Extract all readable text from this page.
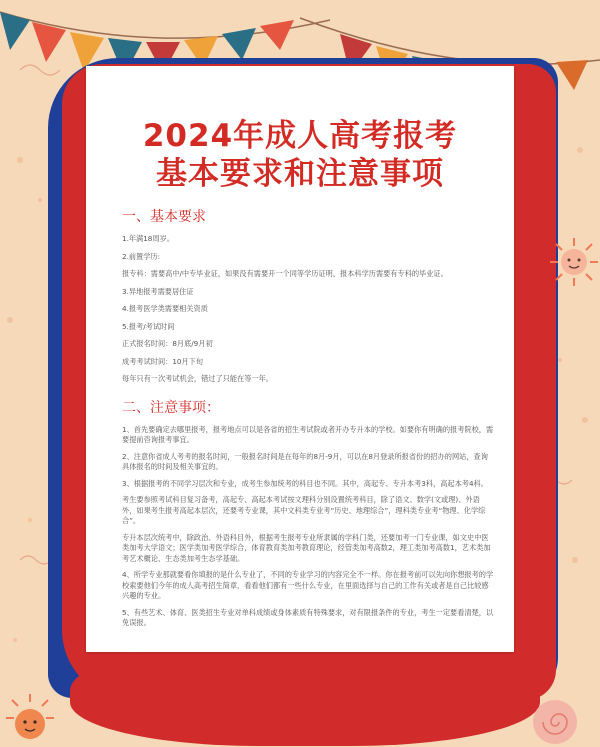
2024年成人高考报考
基本要求和注意事项
一、基本要求
1.年满18周岁。
2.前置学历:
报专科：需要高中/中专毕业证，如果没有需要开一个同等学历证明，报本科学历需要有专科的毕业证。
3.异地报考需要居住证
4.报考医学类需要相关资质
5.报考/考试时间
正式报名时间：8月底/9月初
成考考试时间：10月下旬
每年只有一次考试机会，错过了只能在等一年。
二、注意事项：
1、首先要确定去哪里报考，报考地点可以是各省的招生考试院或者开办专升本的学校。如要你有明确的报考院校，需要提前咨询报考事宜。
2、注意你省成人考考的报名时间，一般报名时间是在每年的8月-9月，可以在8月登录所报省份的招办的网站，查询具体报名的时间及相关事宜的。
3、根据报考的不同学习层次和专业，成考生参加统考的科目也不同。其中，高起专、专升本考3科，高起本考4科。
考生要参照考试科目复习备考，高起专、高起本考试按文理科分别设置统考科目，除了语文、数学(文或理)、外语外，如果考生报考高起本层次，还要考专业课，其中文科类专业考“历史、地理综合”，理科类专业考“物理、化学综合”。
专升本层次统考中，除政治、外语科目外，根据考生报考专业所隶属的学科门类，还要加考一门专业课，如文史中医类加考大学语文；医学类加考医学综合，体育教育类加考教育理论，经管类加考高数2，理工类加考高数1，艺术类加考艺术概论、生态类加考生态学基础。
4、所学专业那就要看你填报的是什么专业了，不同的专业学习的内容完全不一样。你在报考前可以先向你想报考的学校索要他们今年的成人高考招生简章，看看他们都有一些什么专业，在里面选择与自己的工作有关或者是自己比较感兴趣的专业。
5、有些艺术、体育、医类招生专业对单科成绩或身体素质有特殊要求，对有限报条件的专业，考生一定要看清楚，以免误报。
